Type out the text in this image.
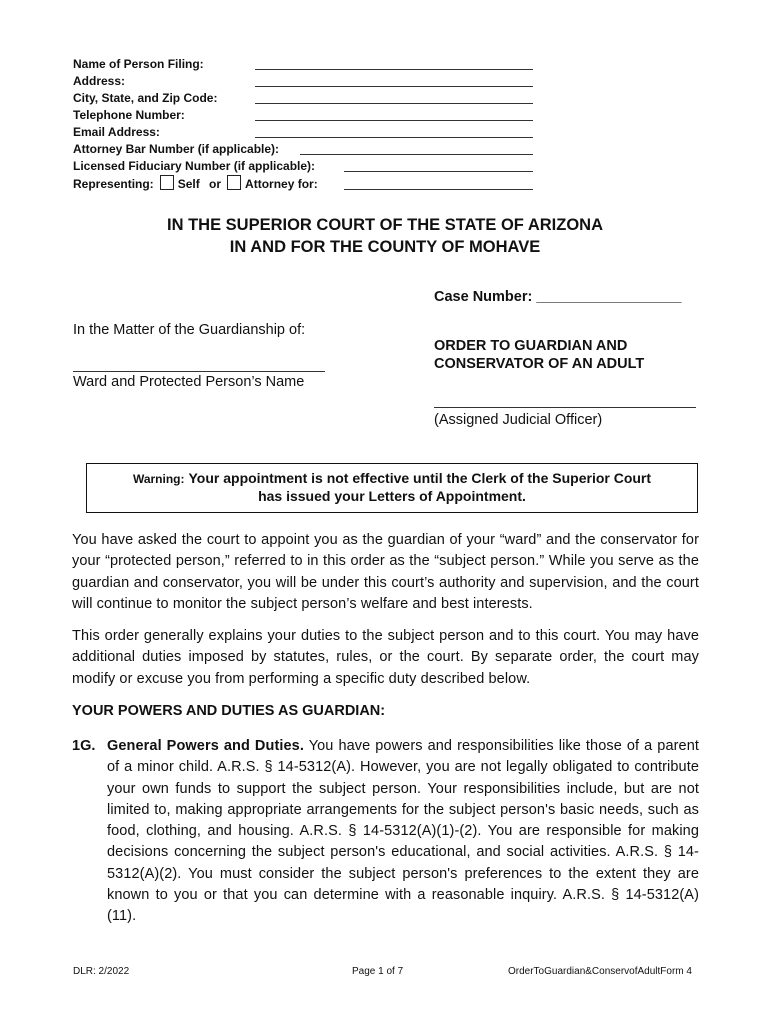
Name of Person Filing:
Address:
City, State, and Zip Code:
Telephone Number:
Email Address:
Attorney Bar Number (if applicable):
Licensed Fiduciary Number (if applicable):
Representing: Self or Attorney for:
IN THE SUPERIOR COURT OF THE STATE OF ARIZONA
IN AND FOR THE COUNTY OF MOHAVE
Case Number: __________________
In the Matter of the Guardianship of:
ORDER TO GUARDIAN AND
CONSERVATOR OF AN ADULT
Ward and Protected Person’s Name
(Assigned Judicial Officer)
Warning: Your appointment is not effective until the Clerk of the Superior Court
has issued your Letters of Appointment.
You have asked the court to appoint you as the guardian of your “ward” and the conservator for your “protected person,” referred to in this order as the “subject person.” While you serve as the guardian and conservator, you will be under this court’s authority and supervision, and the court will continue to monitor the subject person’s welfare and best interests.
This order generally explains your duties to the subject person and to this court. You may have additional duties imposed by statutes, rules, or the court. By separate order, the court may modify or excuse you from performing a specific duty described below.
YOUR POWERS AND DUTIES AS GUARDIAN:
1G. General Powers and Duties. You have powers and responsibilities like those of a parent of a minor child. A.R.S. § 14-5312(A). However, you are not legally obligated to contribute your own funds to support the subject person. Your responsibilities include, but are not limited to, making appropriate arrangements for the subject person's basic needs, such as food, clothing, and housing. A.R.S. § 14-5312(A)(1)-(2). You are responsible for making decisions concerning the subject person's educational, and social activities. A.R.S. § 14-5312(A)(2). You must consider the subject person's preferences to the extent they are known to you or that you can determine with a reasonable inquiry. A.R.S. § 14-5312(A)(11).
DLR: 2/2022	Page 1 of 7	OrderToGuardian&ConservofAdultForm 4
